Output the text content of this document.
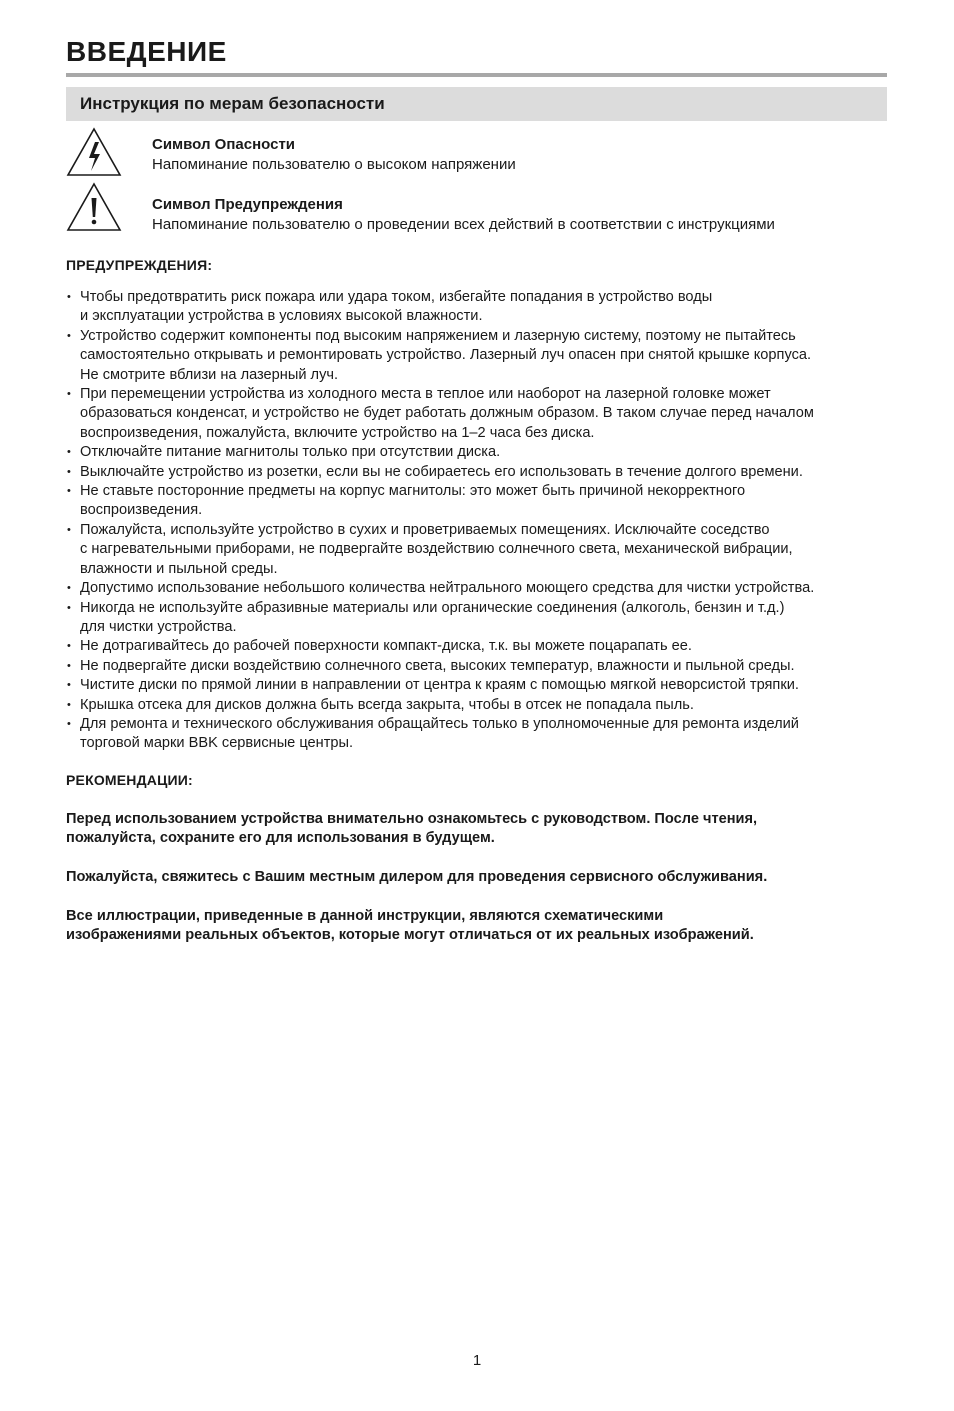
ВВЕДЕНИЕ
Инструкция по мерам безопасности
Символ Опасности
Напоминание пользователю о высоком напряжении
Символ Предупреждения
Напоминание пользователю о проведении всех действий в соответствии с инструкциями
ПРЕДУПРЕЖДЕНИЯ:
• Чтобы предотвратить риск пожара или удара током, избегайте попадания в устройство воды
и эксплуатации устройства в условиях высокой влажности.
• Устройство содержит компоненты под высоким напряжением и лазерную систему, поэтому не пытайтесь
самостоятельно открывать и ремонтировать устройство. Лазерный луч опасен при снятой крышке корпуса.
Не смотрите вблизи на лазерный луч.
• При перемещении устройства из холодного места в теплое или наоборот на лазерной головке может
образоваться конденсат, и устройство не будет работать должным образом. В таком случае перед началом
воспроизведения, пожалуйста, включите устройство на 1–2 часа без диска.
• Отключайте питание магнитолы только при отсутствии диска.
• Выключайте устройство из розетки, если вы не собираетесь его использовать в течение долгого времени.
• Не ставьте посторонние предметы на корпус магнитолы: это может быть причиной некорректного
воспроизведения.
• Пожалуйста, используйте устройство в сухих и проветриваемых помещениях. Исключайте соседство
с нагревательными приборами, не подвергайте воздействию солнечного света, механической вибрации,
влажности и пыльной среды.
• Допустимо использование небольшого количества нейтрального моющего средства для чистки устройства.
• Никогда не используйте абразивные материалы или органические соединения (алкоголь, бензин и т.д.)
для чистки устройства.
• Не дотрагивайтесь до рабочей поверхности компакт-диска, т.к. вы можете поцарапать ее.
• Не подвергайте диски воздействию солнечного света, высоких температур, влажности и пыльной среды.
• Чистите диски по прямой линии в направлении от центра к краям с помощью мягкой неворсистой тряпки.
• Крышка отсека для дисков должна быть всегда закрыта, чтобы в отсек не попадала пыль.
• Для ремонта и технического обслуживания обращайтесь только в уполномоченные для ремонта изделий
торговой марки BBK сервисные центры.
РЕКОМЕНДАЦИИ:
Перед использованием устройства внимательно ознакомьтесь с руководством. После чтения,
пожалуйста, сохраните его для использования в будущем.
Пожалуйста, свяжитесь с Вашим местным дилером для проведения сервисного обслуживания.
Все иллюстрации, приведенные в данной инструкции, являются схематическими
изображениями реальных объектов, которые могут отличаться от их реальных изображений.
1
